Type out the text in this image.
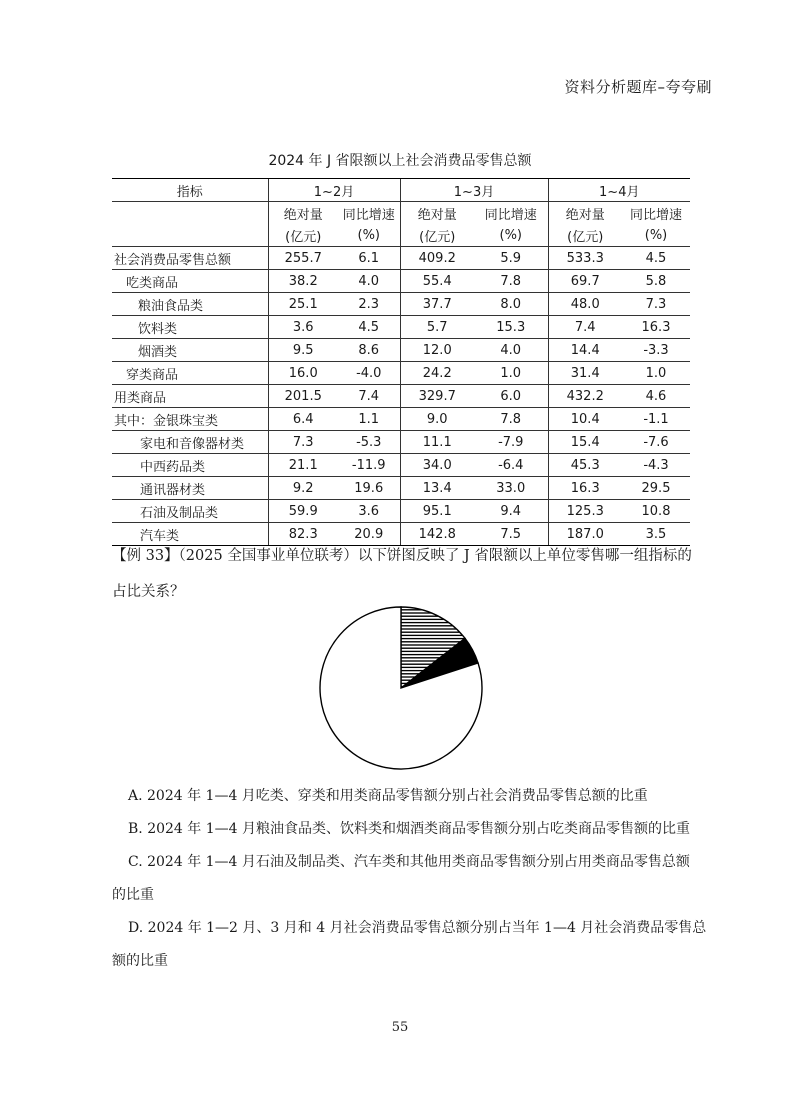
资料分析题库–夸夸刷
2024 年 J 省限额以上社会消费品零售总额
指标	1~2月		1~3月		1~4月	
	绝对量	同比增速	绝对量	同比增速	绝对量	同比增速
	(亿元)	(%)	(亿元)	(%)	(亿元)	(%)
社会消费品零售总额	255.7	6.1	409.2	5.9	533.3	4.5
吃类商品	38.2	4.0	55.4	7.8	69.7	5.8
粮油食品类	25.1	2.3	37.7	8.0	48.0	7.3
饮料类	3.6	4.5	5.7	15.3	7.4	16.3
烟酒类	9.5	8.6	12.0	4.0	14.4	-3.3
穿类商品	16.0	-4.0	24.2	1.0	31.4	1.0
用类商品	201.5	7.4	329.7	6.0	432.2	4.6
其中：金银珠宝类	6.4	1.1	9.0	7.8	10.4	-1.1
家电和音像器材类	7.3	-5.3	11.1	-7.9	15.4	-7.6
中西药品类	21.1	-11.9	34.0	-6.4	45.3	-4.3
通讯器材类	9.2	19.6	13.4	33.0	16.3	29.5
石油及制品类	59.9	3.6	95.1	9.4	125.3	10.8
汽车类	82.3	20.9	142.8	7.5	187.0	3.5
【例 33】（2025 全国事业单位联考）以下饼图反映了 J 省限额以上单位零售哪一组指标的
占比关系？

A. 2024 年 1—4 月吃类、穿类和用类商品零售额分别占社会消费品零售总额的比重

B. 2024 年 1—4 月粮油食品类、饮料类和烟酒类商品零售额分别占吃类商品零售额的比重

C. 2024 年 1—4 月石油及制品类、汽车类和其他用类商品零售额分别占用类商品零售总额

的比重

D. 2024 年 1—2 月、3 月和 4 月社会消费品零售总额分别占当年 1—4 月社会消费品零售总

额的比重

55
